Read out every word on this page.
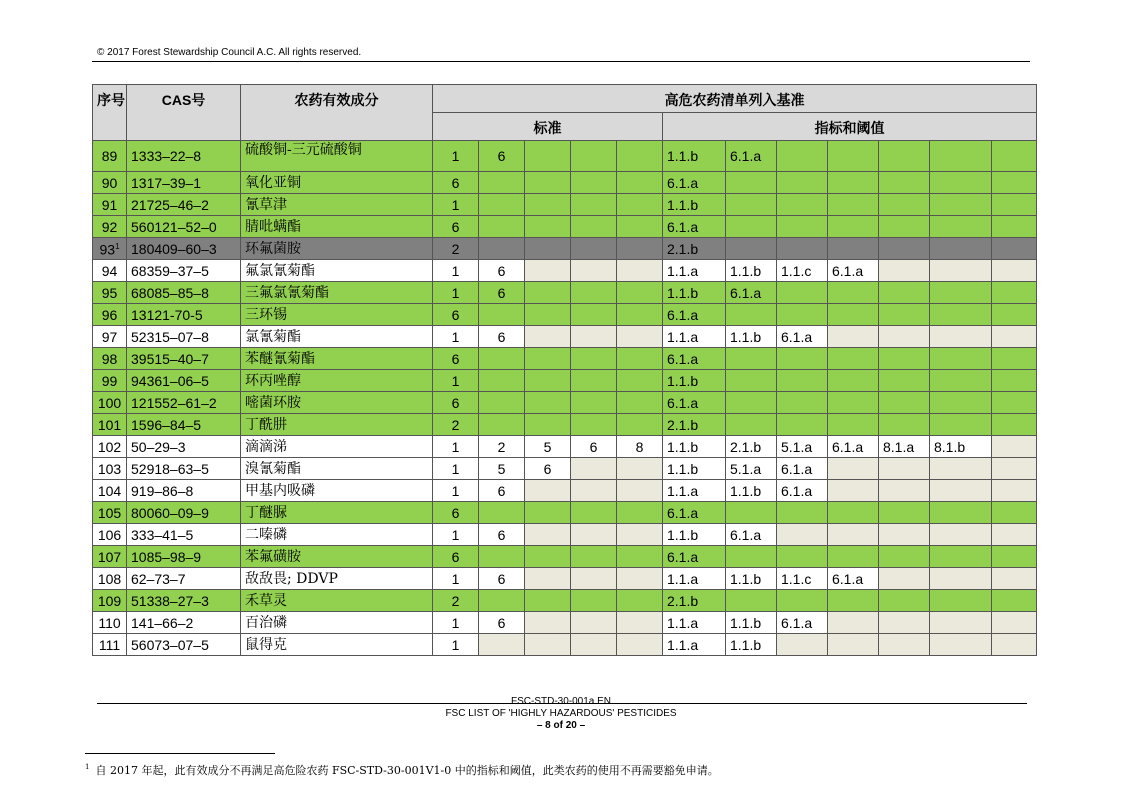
© 2017 Forest Stewardship Council A.C. All rights reserved.
序号	CAS号	农药有效成分	高危农药清单列入基准											
			标准					指标和阈值						
89	1333–22–8	硫酸铜-三元硫酸铜	1	6				1.1.b	6.1.a					
90	1317–39–1	氧化亚铜	6					6.1.a						
91	21725–46–2	氰草津	1					1.1.b						
92	560121–52–0	腈吡螨酯	6					6.1.a						
$93^1$	180409–60–3	环氟菌胺	2					2.1.b						
94	68359–37–5	氟氯氰菊酯	1	6				1.1.a	1.1.b	1.1.c	6.1.a			
95	68085–85–8	三氟氯氰菊酯	1	6				1.1.b	6.1.a					
96	13121-70-5	三环锡	6					6.1.a						
97	52315–07–8	氯氰菊酯	1	6				1.1.a	1.1.b	6.1.a				
98	39515–40–7	苯醚氰菊酯	6					6.1.a						
99	94361–06–5	环丙唑醇	1					1.1.b						
100	121552–61–2	嘧菌环胺	6					6.1.a						
101	1596–84–5	丁酰肼	2					2.1.b						
102	50–29–3	滴滴涕	1	2	5	6	8	1.1.b	2.1.b	5.1.a	6.1.a	8.1.a	8.1.b	
103	52918–63–5	溴氰菊酯	1	5	6			1.1.b	5.1.a	6.1.a				
104	919–86–8	甲基内吸磷	1	6				1.1.a	1.1.b	6.1.a				
105	80060–09–9	丁醚脲	6					6.1.a						
106	333–41–5	二嗪磷	1	6				1.1.b	6.1.a					
107	1085–98–9	苯氟磺胺	6					6.1.a						
108	62–73–7	敌敌畏; DDVP	1	6				1.1.a	1.1.b	1.1.c	6.1.a			
109	51338–27–3	禾草灵	2					2.1.b						
110	141–66–2	百治磷	1	6				1.1.a	1.1.b	6.1.a				
111	56073–07–5	鼠得克	1					1.1.a	1.1.b					
FSC-STD-30-001a EN
FSC LIST OF 'HIGHLY HAZARDOUS' PESTICIDES
– 8 of 20 –
$^1$ 自 2017 年起，此有效成分不再满足高危险农药 FSC-STD-30-001V1-0 中的指标和阈值，此类农药的使用不再需要豁免申请。
